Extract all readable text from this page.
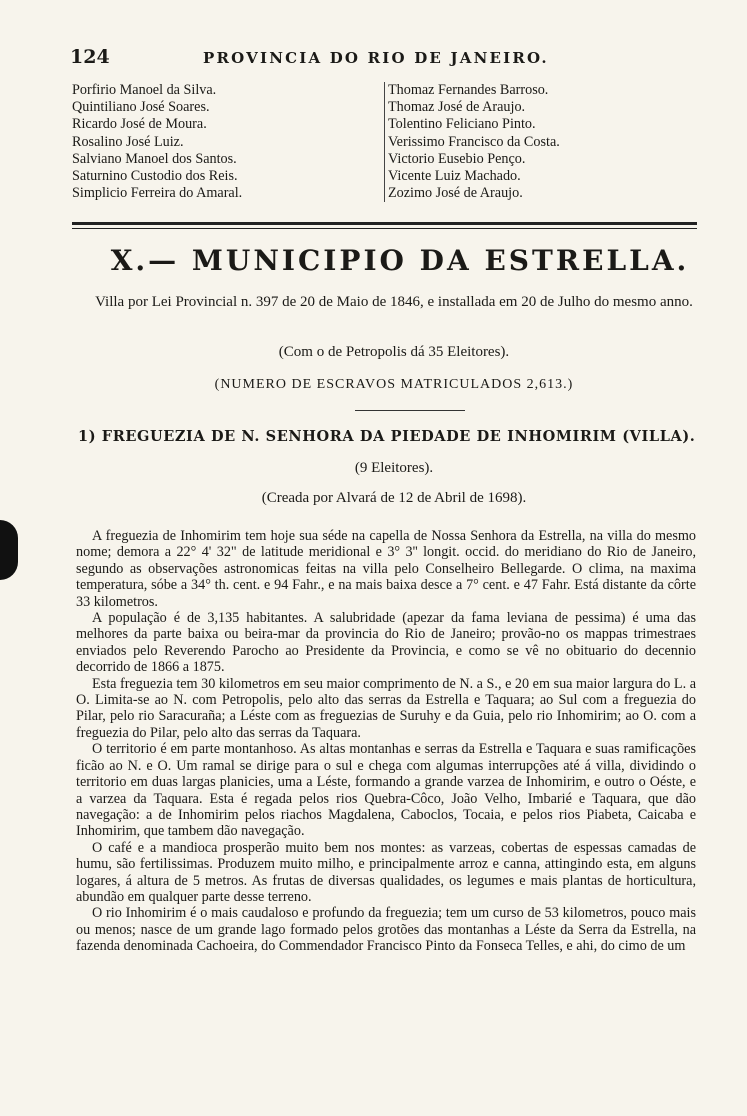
124	PROVINCIA DO RIO DE JANEIRO.
Porfirio Manoel da Silva.
Quintiliano José Soares.
Ricardo José de Moura.
Rosalino José Luiz.
Salviano Manoel dos Santos.
Saturnino Custodio dos Reis.
Simplicio Ferreira do Amaral.
Thomaz Fernandes Barroso.
Thomaz José de Araujo.
Tolentino Feliciano Pinto.
Verissimo Francisco da Costa.
Victorio Eusebio Penço.
Vicente Luiz Machado.
Zozimo José de Araujo.
X.— MUNICIPIO DA ESTRELLA.
Villa por Lei Provincial n. 397 de 20 de Maio de 1846, e installada em 20 de Julho do mesmo anno.
(Com o de Petropolis dá 35 Eleitores).
(NUMERO DE ESCRAVOS MATRICULADOS 2,613.)
1) FREGUEZIA DE N. SENHORA DA PIEDADE DE INHOMIRIM (VILLA).
(9 Eleitores).
(Creada por Alvará de 12 de Abril de 1698).

A freguezia de Inhomirim tem hoje sua séde na capella de Nossa Senhora da Estrella, na villa do mesmo nome; demora a 22° 4' 32" de latitude meridional e 3° 3'' longit. occid. do meridiano do Rio de Janeiro, segundo as observações astronomicas feitas na villa pelo Conselheiro Bellegarde. O clima, na maxima temperatura, sóbe a 34° th. cent. e 94 Fahr., e na mais baixa desce a 7° cent. e 47 Fahr. Está distante da côrte 33 kilometros.

A população é de 3,135 habitantes. A salubridade (apezar da fama leviana de pessima) é uma das melhores da parte baixa ou beira-mar da provincia do Rio de Janeiro; provão-no os mappas trimestraes enviados pelo Reverendo Parocho ao Presidente da Provincia, e como se vê no obituario do decennio decorrido de 1866 a 1875.

Esta freguezia tem 30 kilometros em seu maior comprimento de N. a S., e 20 em sua maior largura do L. a O. Limita-se ao N. com Petropolis, pelo alto das serras da Estrella e Taquara; ao Sul com a freguezia do Pilar, pelo rio Saracuraña; a Léste com as freguezias de Suruhy e da Guia, pelo rio Inhomirim; ao O. com a freguezia do Pilar, pelo alto das serras da Taquara.

O territorio é em parte montanhoso. As altas montanhas e serras da Estrella e Taquara e suas ramificações ficão ao N. e O. Um ramal se dirige para o sul e chega com algumas interrupções até á villa, dividindo o territorio em duas largas planicies, uma a Léste, formando a grande varzea de Inhomirim, e outro o Oéste, e a varzea da Taquara. Esta é regada pelos rios Quebra-Côco, João Velho, Imbarié e Taquara, que dão navegação: a de Inhomirim pelos riachos Magdalena, Caboclos, Tocaia, e pelos rios Piabeta, Caicaba e Inhomirim, que tambem dão navegação.

O café e a mandioca prosperão muito bem nos montes: as varzeas, cobertas de espessas camadas de humu, são fertilissimas. Produzem muito milho, e principalmente arroz e canna, attingindo esta, em alguns logares, á altura de 5 metros. As frutas de diversas qualidades, os legumes e mais plantas de horticultura, abundão em qualquer parte desse terreno.

O rio Inhomirim é o mais caudaloso e profundo da freguezia; tem um curso de 53 kilometros, pouco mais ou menos; nasce de um grande lago formado pelos grotões das montanhas a Léste da Serra da Estrella, na fazenda denominada Cachoeira, do Commendador Francisco Pinto da Fonseca Telles, e ahi, do cimo de um
